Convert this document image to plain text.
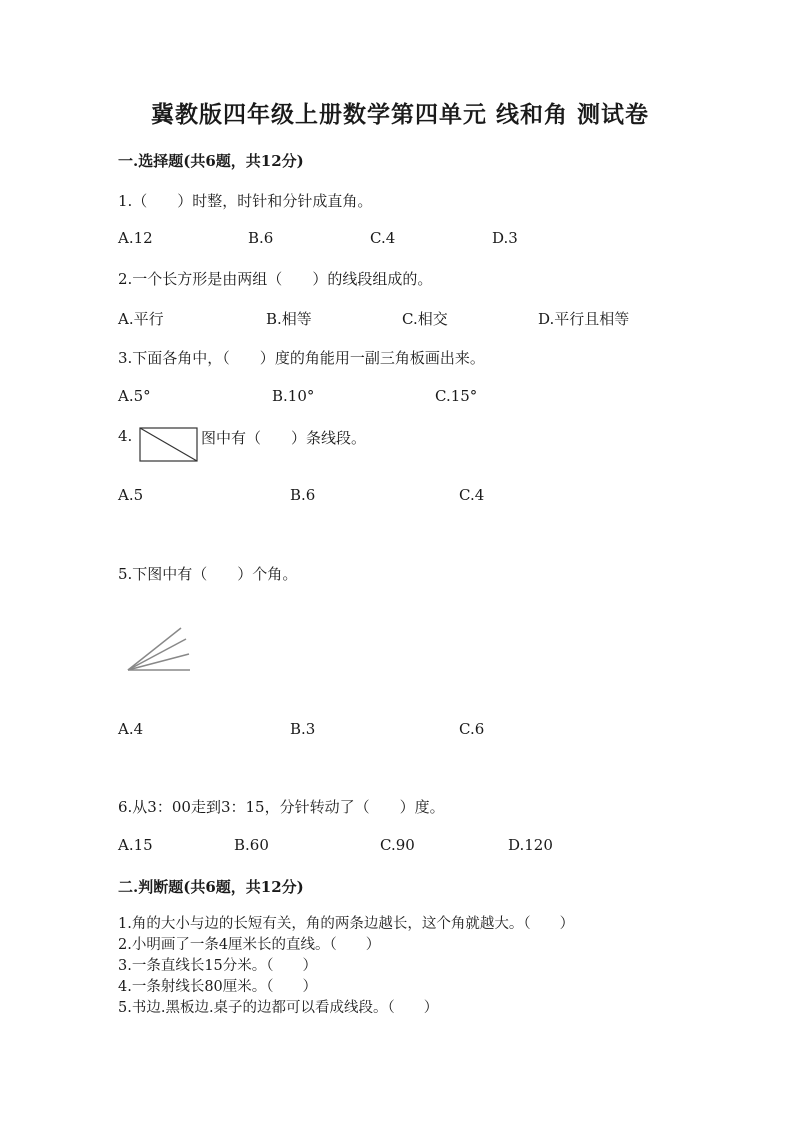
冀教版四年级上册数学第四单元 线和角 测试卷
一.选择题(共6题，共12分)
1.（　　）时整，时针和分针成直角。
A.12	B.6	C.4	D.3
2.一个长方形是由两组（　　）的线段组成的。
A.平行	B.相等	C.相交	D.平行且相等
3.下面各角中，（　　）度的角能用一副三角板画出来。
A.5°	B.10°	C.15°
4.	图中有（　　）条线段。
A.5	B.6	C.4
5.下图中有（　　）个角。
A.4	B.3	C.6
6.从3：00走到3：15，分针转动了（　　）度。
A.15	B.60	C.90	D.120
二.判断题(共6题，共12分)
1.角的大小与边的长短有关，角的两条边越长，这个角就越大。（　　）
2.小明画了一条4厘米长的直线。（　　）
3.一条直线长15分米。（　　）
4.一条射线长80厘米。（　　）
5.书边.黑板边.桌子的边都可以看成线段。（　　）
